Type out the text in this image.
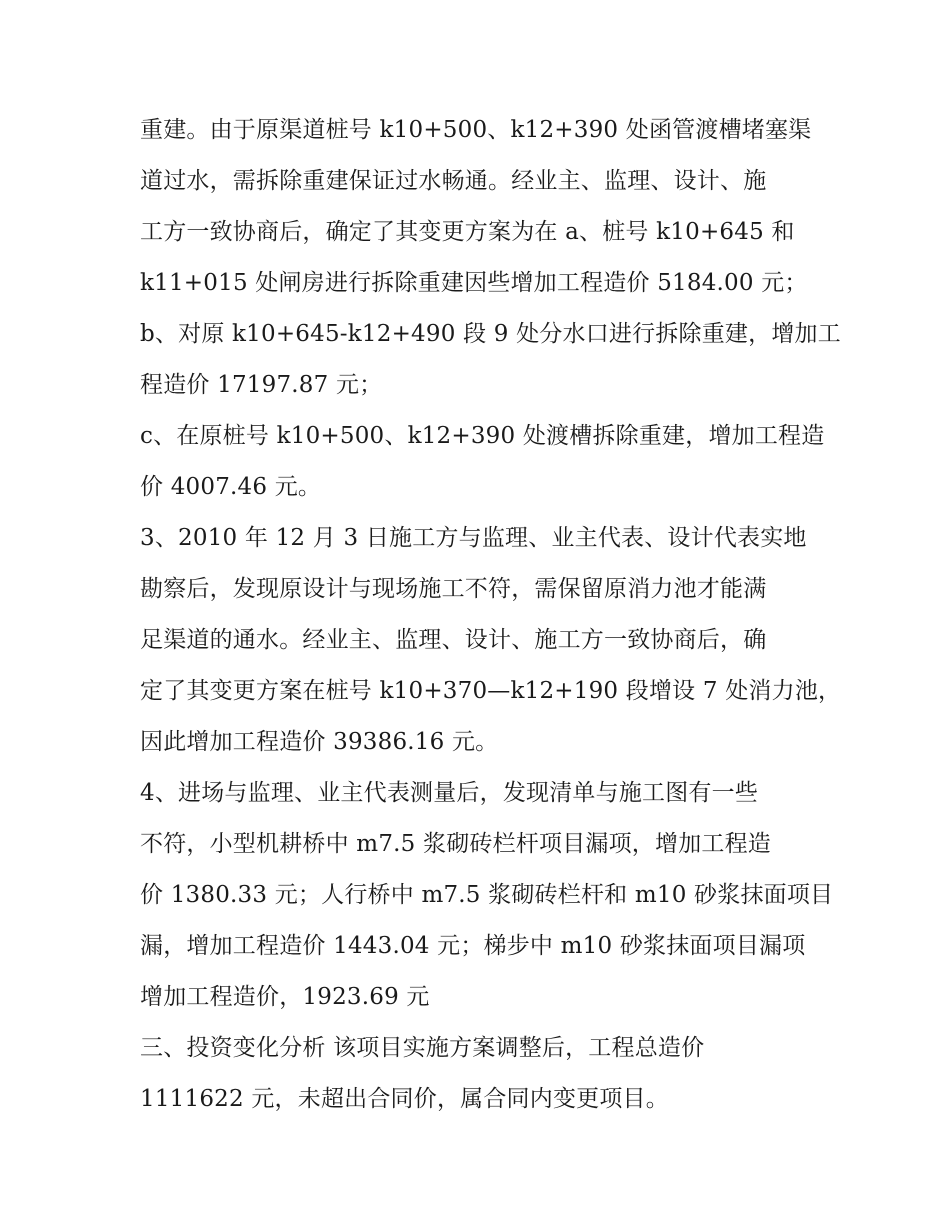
重建。由于原渠道桩号 k10+500、k12+390 处函管渡槽堵塞渠
道过水，需拆除重建保证过水畅通。经业主、监理、设计、施
工方一致协商后，确定了其变更方案为在 a、桩号 k10+645 和
k11+015 处闸房进行拆除重建因些增加工程造价 5184.00 元；
b、对原 k10+645-k12+490 段 9 处分水口进行拆除重建，增加工
程造价 17197.87 元；
c、在原桩号 k10+500、k12+390 处渡槽拆除重建，增加工程造
价 4007.46 元。
3、2010 年 12 月 3 日施工方与监理、业主代表、设计代表实地
勘察后，发现原设计与现场施工不符，需保留原消力池才能满
足渠道的通水。经业主、监理、设计、施工方一致协商后，确
定了其变更方案在桩号 k10+370—k12+190 段增设 7 处消力池，
因此增加工程造价 39386.16 元。
4、进场与监理、业主代表测量后，发现清单与施工图有一些
不符，小型机耕桥中 m7.5 浆砌砖栏杆项目漏项，增加工程造
价 1380.33 元；人行桥中 m7.5 浆砌砖栏杆和 m10 砂浆抹面项目
漏，增加工程造价 1443.04 元；梯步中 m10 砂浆抹面项目漏项
增加工程造价，1923.69 元
三、投资变化分析 该项目实施方案调整后，工程总造价
1111622 元，未超出合同价，属合同内变更项目。
